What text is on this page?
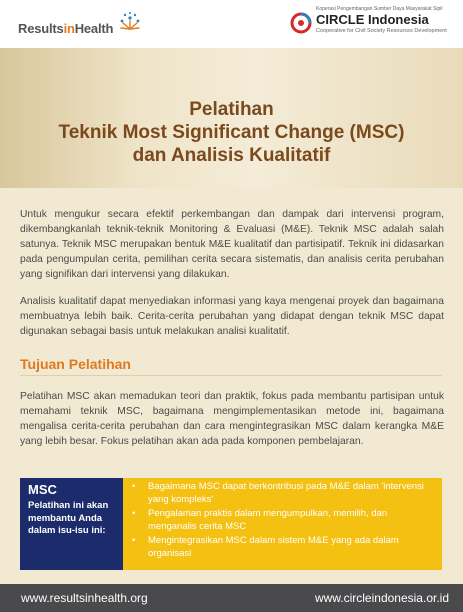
ResultsinHealth
Koperasi Pengembangan Sumber Daya Masyarakat Sipil
CIRCLE Indonesia
Cooperative for Civil Society Resources Development
Pelatihan
Teknik Most Significant Change (MSC)
dan Analisis Kualitatif
Untuk mengukur secara efektif perkembangan dan dampak dari intervensi program, dikembangkanlah teknik-teknik Monitoring & Evaluasi (M&E). Teknik MSC adalah salah satunya. Teknik MSC merupakan bentuk M&E kualitatif dan partisipatif. Teknik ini didasarkan pada pengumpulan cerita, pemilihan cerita secara sistematis, dan analisis cerita perubahan yang signifikan dari intervensi yang dilakukan.
Analisis kualitatif dapat menyediakan informasi yang kaya mengenai proyek dan bagaimana membuatnya lebih baik. Cerita-cerita perubahan yang didapat dengan teknik MSC dapat digunakan sebagai basis untuk melakukan analisi kualitatif.
Tujuan Pelatihan
Pelatihan MSC akan memadukan teori dan praktik, fokus pada membantu partisipan untuk memahami teknik MSC, bagaimana mengimplementasikan metode ini, bagaimana mengalisa cerita-cerita perubahan dan cara mengintegrasikan MSC dalam kerangka M&E yang lebih besar. Fokus pelatihan akan ada pada komponen pembelajaran.
MSC
Pelatihan ini akan membantu Anda dalam isu-isu ini:
• Bagaimana MSC dapat berkontribusi pada M&E dalam 'intervensi yang kompleks'
• Pengalaman praktis dalam mengumpulkan, memilih, dan menganalis cerita MSC
• Mengintegrasikan MSC dalam sistem M&E yang ada dalam organisasi
www.resultsinhealth.org	www.circleindonesia.or.id
